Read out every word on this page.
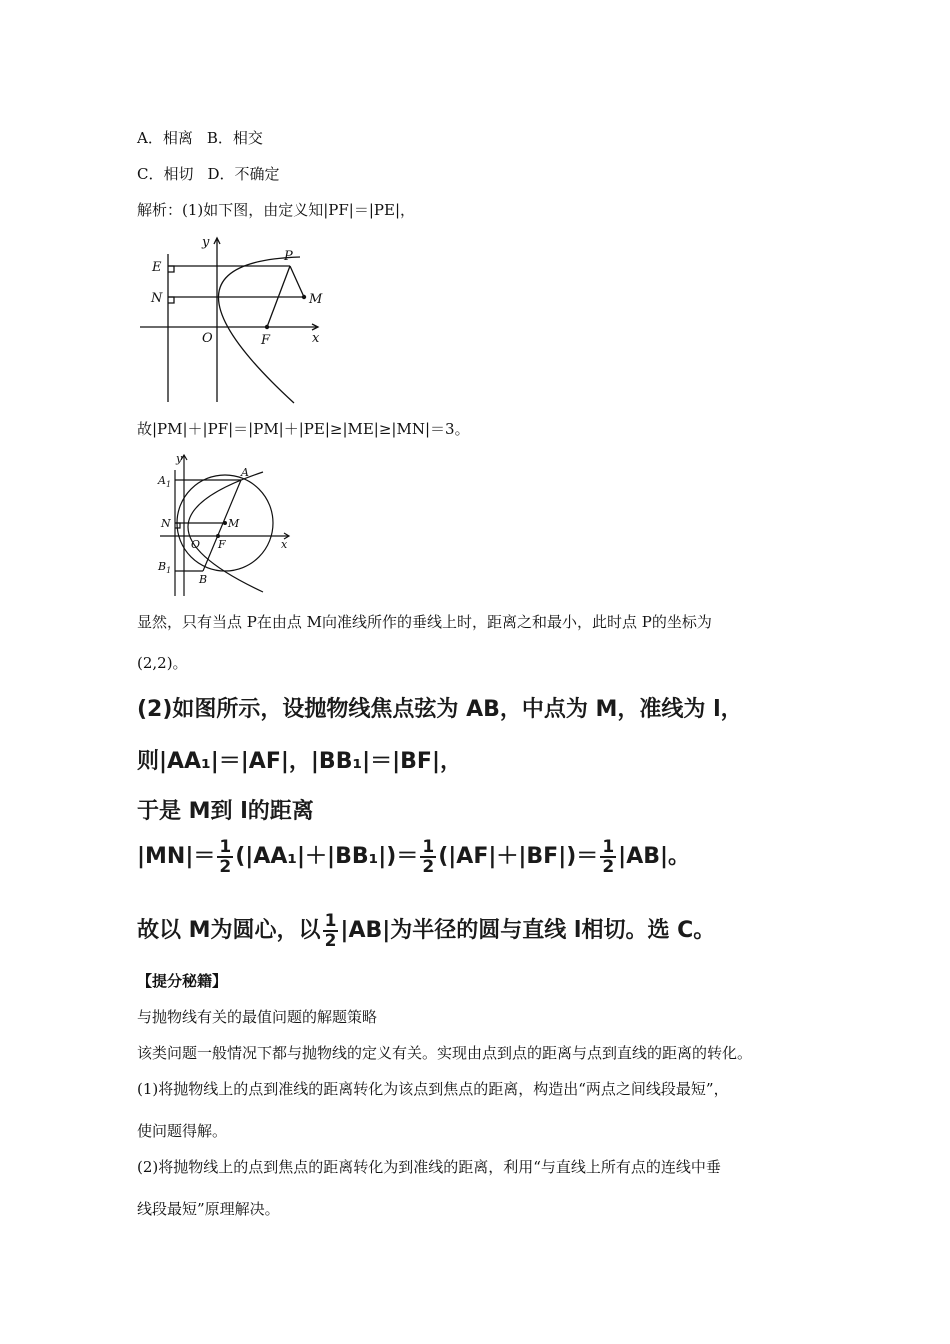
A．相离 B．相交
C．相切 D．不确定
解析：(1)如下图，由定义知|PF|＝|PE|，
y
x
E
N
O	F
P
M
故|PM|＋|PF|＝|PM|＋|PE|≥|ME|≥|MN|＝3。
y
x
$A_1$
A
N	M
O F
$B_1$
B
显然，只有当点 P在由点 M向准线所作的垂线上时，距离之和最小，此时点 P的坐标为
(2,2)。
(2)如图所示，设抛物线焦点弦为 AB，中点为 M，准线为 l，
则|AA₁|＝|AF|，|BB₁|＝|BF|，
于是 M到 l的距离
$|MN|= \frac{1}{2} (|AA_1|+|BB_1|)= \frac{1}{2} (|AF|+|BF|)= \frac{1}{2} |AB|$。
故以 M为圆心，以 $\frac{1}{2} |AB|$为半径的圆与直线 l相切。选 C。
【提分秘籍】
与抛物线有关的最值问题的解题策略
该类问题一般情况下都与抛物线的定义有关。实现由点到点的距离与点到直线的距离的转化。
(1)将抛物线上的点到准线的距离转化为该点到焦点的距离，构造出“两点之间线段最短”，
使问题得解。
(2)将抛物线上的点到焦点的距离转化为到准线的距离，利用“与直线上所有点的连线中垂
线段最短”原理解决。
